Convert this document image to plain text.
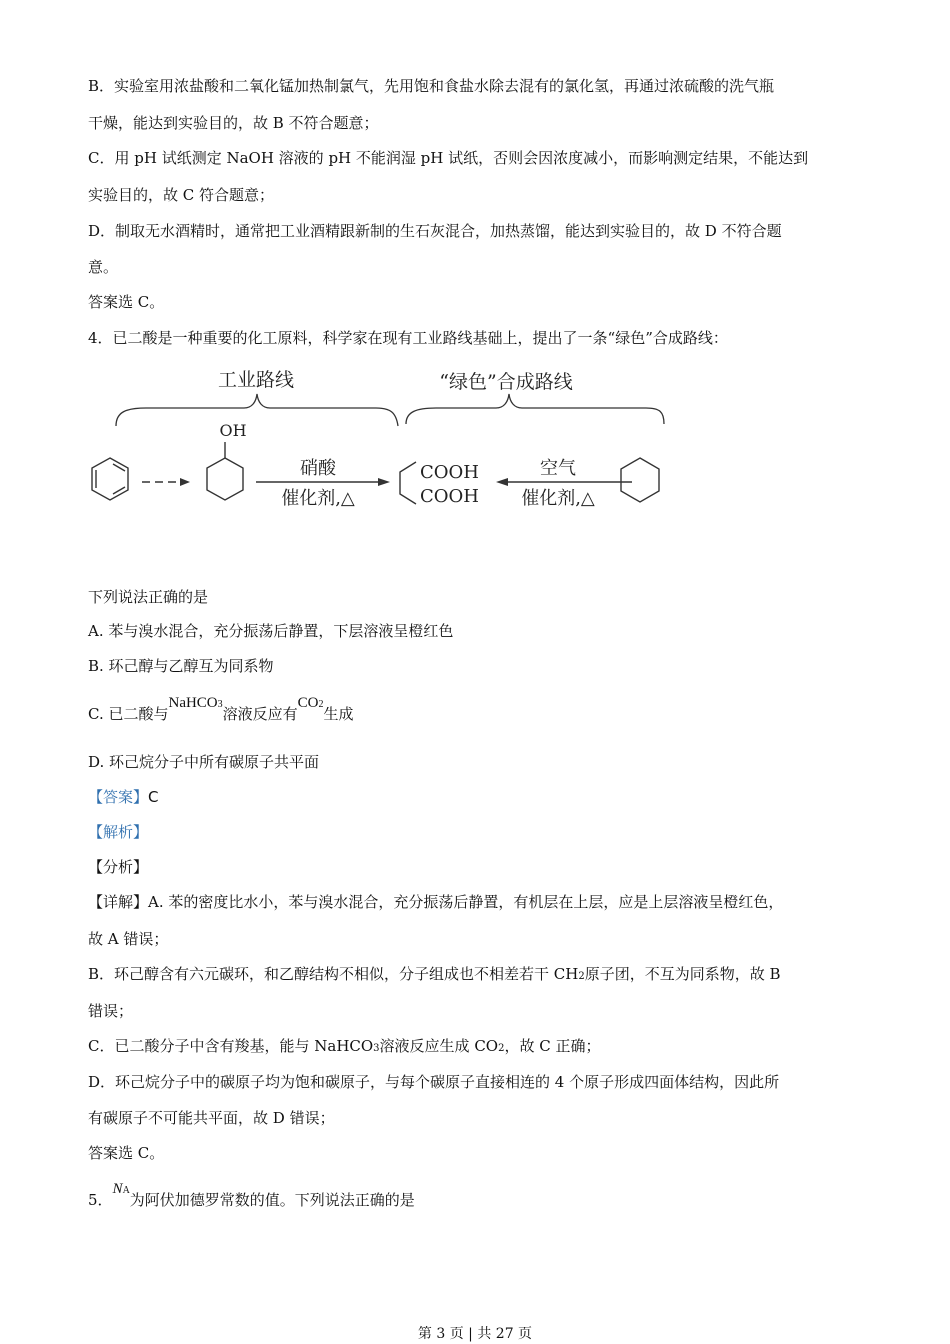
B．实验室用浓盐酸和二氧化锰加热制氯气，先用饱和食盐水除去混有的氯化氢，再通过浓硫酸的洗气瓶
干燥，能达到实验目的，故 B 不符合题意；
C．用 pH 试纸测定 NaOH 溶液的 pH 不能润湿 pH 试纸，否则会因浓度减小，而影响测定结果，不能达到
实验目的，故 C 符合题意；
D．制取无水酒精时，通常把工业酒精跟新制的生石灰混合，加热蒸馏，能达到实验目的，故 D 不符合题
意。
答案选 C。
4．已二酸是一种重要的化工原料，科学家在现有工业路线基础上，提出了一条“绿色”合成路线：
工业路线	“绿色”合成路线
OH
硝酸
催化剂,△
COOH
COOH
空气
催化剂,△
下列说法正确的是
A. 苯与溴水混合，充分振荡后静置，下层溶液呈橙红色
B. 环己醇与乙醇互为同系物
C. 已二酸与NaHCO3溶液反应有CO2生成
D. 环己烷分子中所有碳原子共平面
【答案】C
【解析】
【分析】
【详解】A. 苯的密度比水小，苯与溴水混合，充分振荡后静置，有机层在上层，应是上层溶液呈橙红色，
故 A 错误；
B．环己醇含有六元碳环，和乙醇结构不相似，分子组成也不相差若干 CH2原子团，不互为同系物，故 B
错误；
C．已二酸分子中含有羧基，能与 NaHCO3溶液反应生成 CO2，故 C 正确；
D．环己烷分子中的碳原子均为饱和碳原子，与每个碳原子直接相连的 4 个原子形成四面体结构，因此所
有碳原子不可能共平面，故 D 错误；
答案选 C。
5．NA为阿伏加德罗常数的值。下列说法正确的是
第 3 页 | 共 27 页
